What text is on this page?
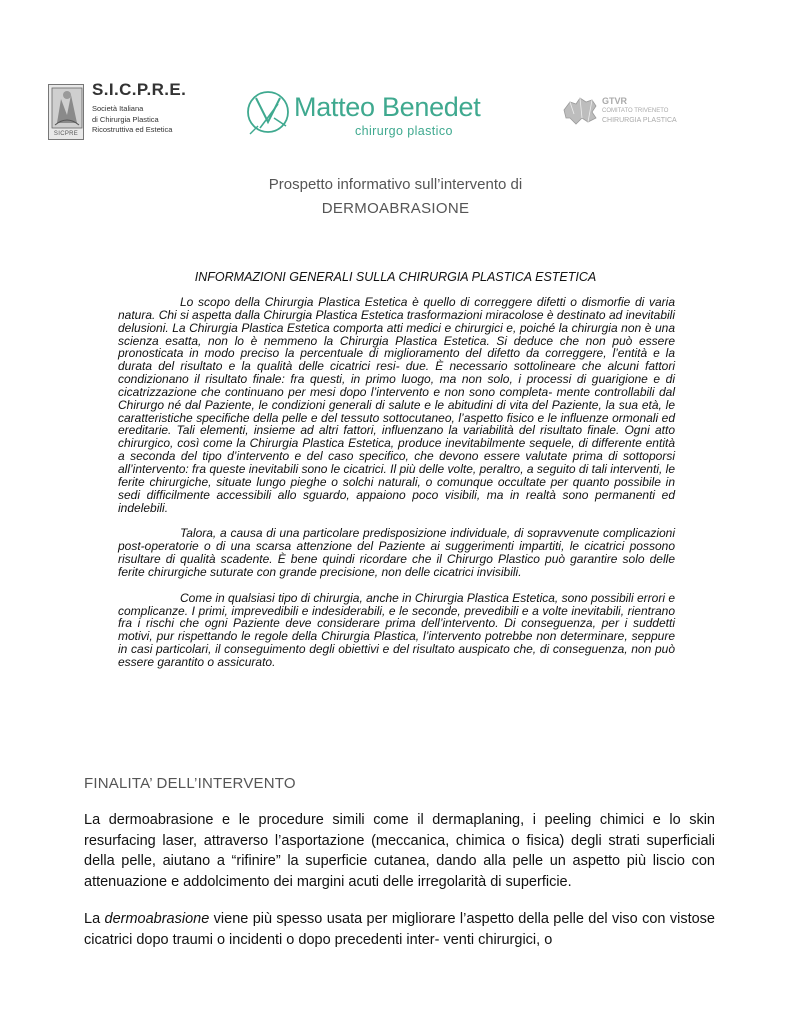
SICPRE
S.I.C.P.R.E.
Società Italiana
di Chirurgia Plastica
Ricostruttiva ed Estetica
Matteo Benedet
chirurgo plastico
GTVR
COMITATO TRIVENETO
CHIRURGIA PLASTICA
Prospetto informativo sull’intervento di
DERMOABRASIONE
INFORMAZIONI GENERALI SULLA CHIRURGIA PLASTICA ESTETICA

Lo scopo della Chirurgia Plastica Estetica è quello di correggere difetti o dismorfie di varia natura. Chi si aspetta dalla Chirurgia Plastica Estetica trasformazioni miracolose è destinato ad inevitabili delusioni. La Chirurgia Plastica Estetica comporta atti medici e chirurgici e, poiché la chirurgia non è una scienza esatta, non lo è nemmeno la Chirurgia Plastica Estetica. Si deduce che non può essere pronosticata in modo preciso la percentuale di miglioramento del difetto da correggere, l’entità e la durata del risultato e la qualità delle cicatrici resi- due. È necessario sottolineare che alcuni fattori condizionano il risultato finale: fra questi, in primo luogo, ma non solo, i processi di guarigione e di cicatrizzazione che continuano per mesi dopo l’intervento e non sono completa- mente controllabili dal Chirurgo né dal Paziente, le condizioni generali di salute e le abitudini di vita del Paziente, la sua età, le caratteristiche specifiche della pelle e del tessuto sottocutaneo, l’aspetto fisico e le influenze ormonali ed ereditarie. Tali elementi, insieme ad altri fattori, influenzano la variabilità del risultato finale. Ogni atto chirurgico, così come la Chirurgia Plastica Estetica, produce inevitabilmente sequele, di differente entità a seconda del tipo d’intervento e del caso specifico, che devono essere valutate prima di sottoporsi all’intervento: fra queste inevitabili sono le cicatrici. Il più delle volte, peraltro, a seguito di tali interventi, le ferite chirurgiche, situate lungo pieghe o solchi naturali, o comunque occultate per quanto possibile in sedi difficilmente accessibili allo sguardo, appaiono poco visibili, ma in realtà sono permanenti ed indelebili.

Talora, a causa di una particolare predisposizione individuale, di sopravvenute complicazioni post-operatorie o di una scarsa attenzione del Paziente ai suggerimenti impartiti, le cicatrici possono risultare di qualità scadente. È bene quindi ricordare che il Chirurgo Plastico può garantire solo delle ferite chirurgiche suturate con grande precisione, non delle cicatrici invisibili.

Come in qualsiasi tipo di chirurgia, anche in Chirurgia Plastica Estetica, sono possibili errori e complicanze. I primi, imprevedibili e indesiderabili, e le seconde, prevedibili e a volte inevitabili, rientrano fra i rischi che ogni Paziente deve considerare prima dell’intervento. Di conseguenza, per i suddetti motivi, pur rispettando le regole della Chirurgia Plastica, l’intervento potrebbe non determinare, seppure in casi particolari, il conseguimento degli obiettivi e del risultato auspicato che, di conseguenza, non può essere garantito o assicurato.

FINALITA’ DELL’INTERVENTO

La dermoabrasione e le procedure simili come il dermaplaning, i peeling chimici e lo skin resurfacing laser, attraverso l’asportazione (meccanica, chimica o fisica) degli strati superficiali della pelle, aiutano a “rifinire” la superficie cutanea, dando alla pelle un aspetto più liscio con attenuazione e addolcimento dei margini acuti delle irregolarità di superficie.

La dermoabrasione viene più spesso usata per migliorare l’aspetto della pelle del viso con vistose cicatrici dopo traumi o incidenti o dopo precedenti inter- venti chirurgici, o
